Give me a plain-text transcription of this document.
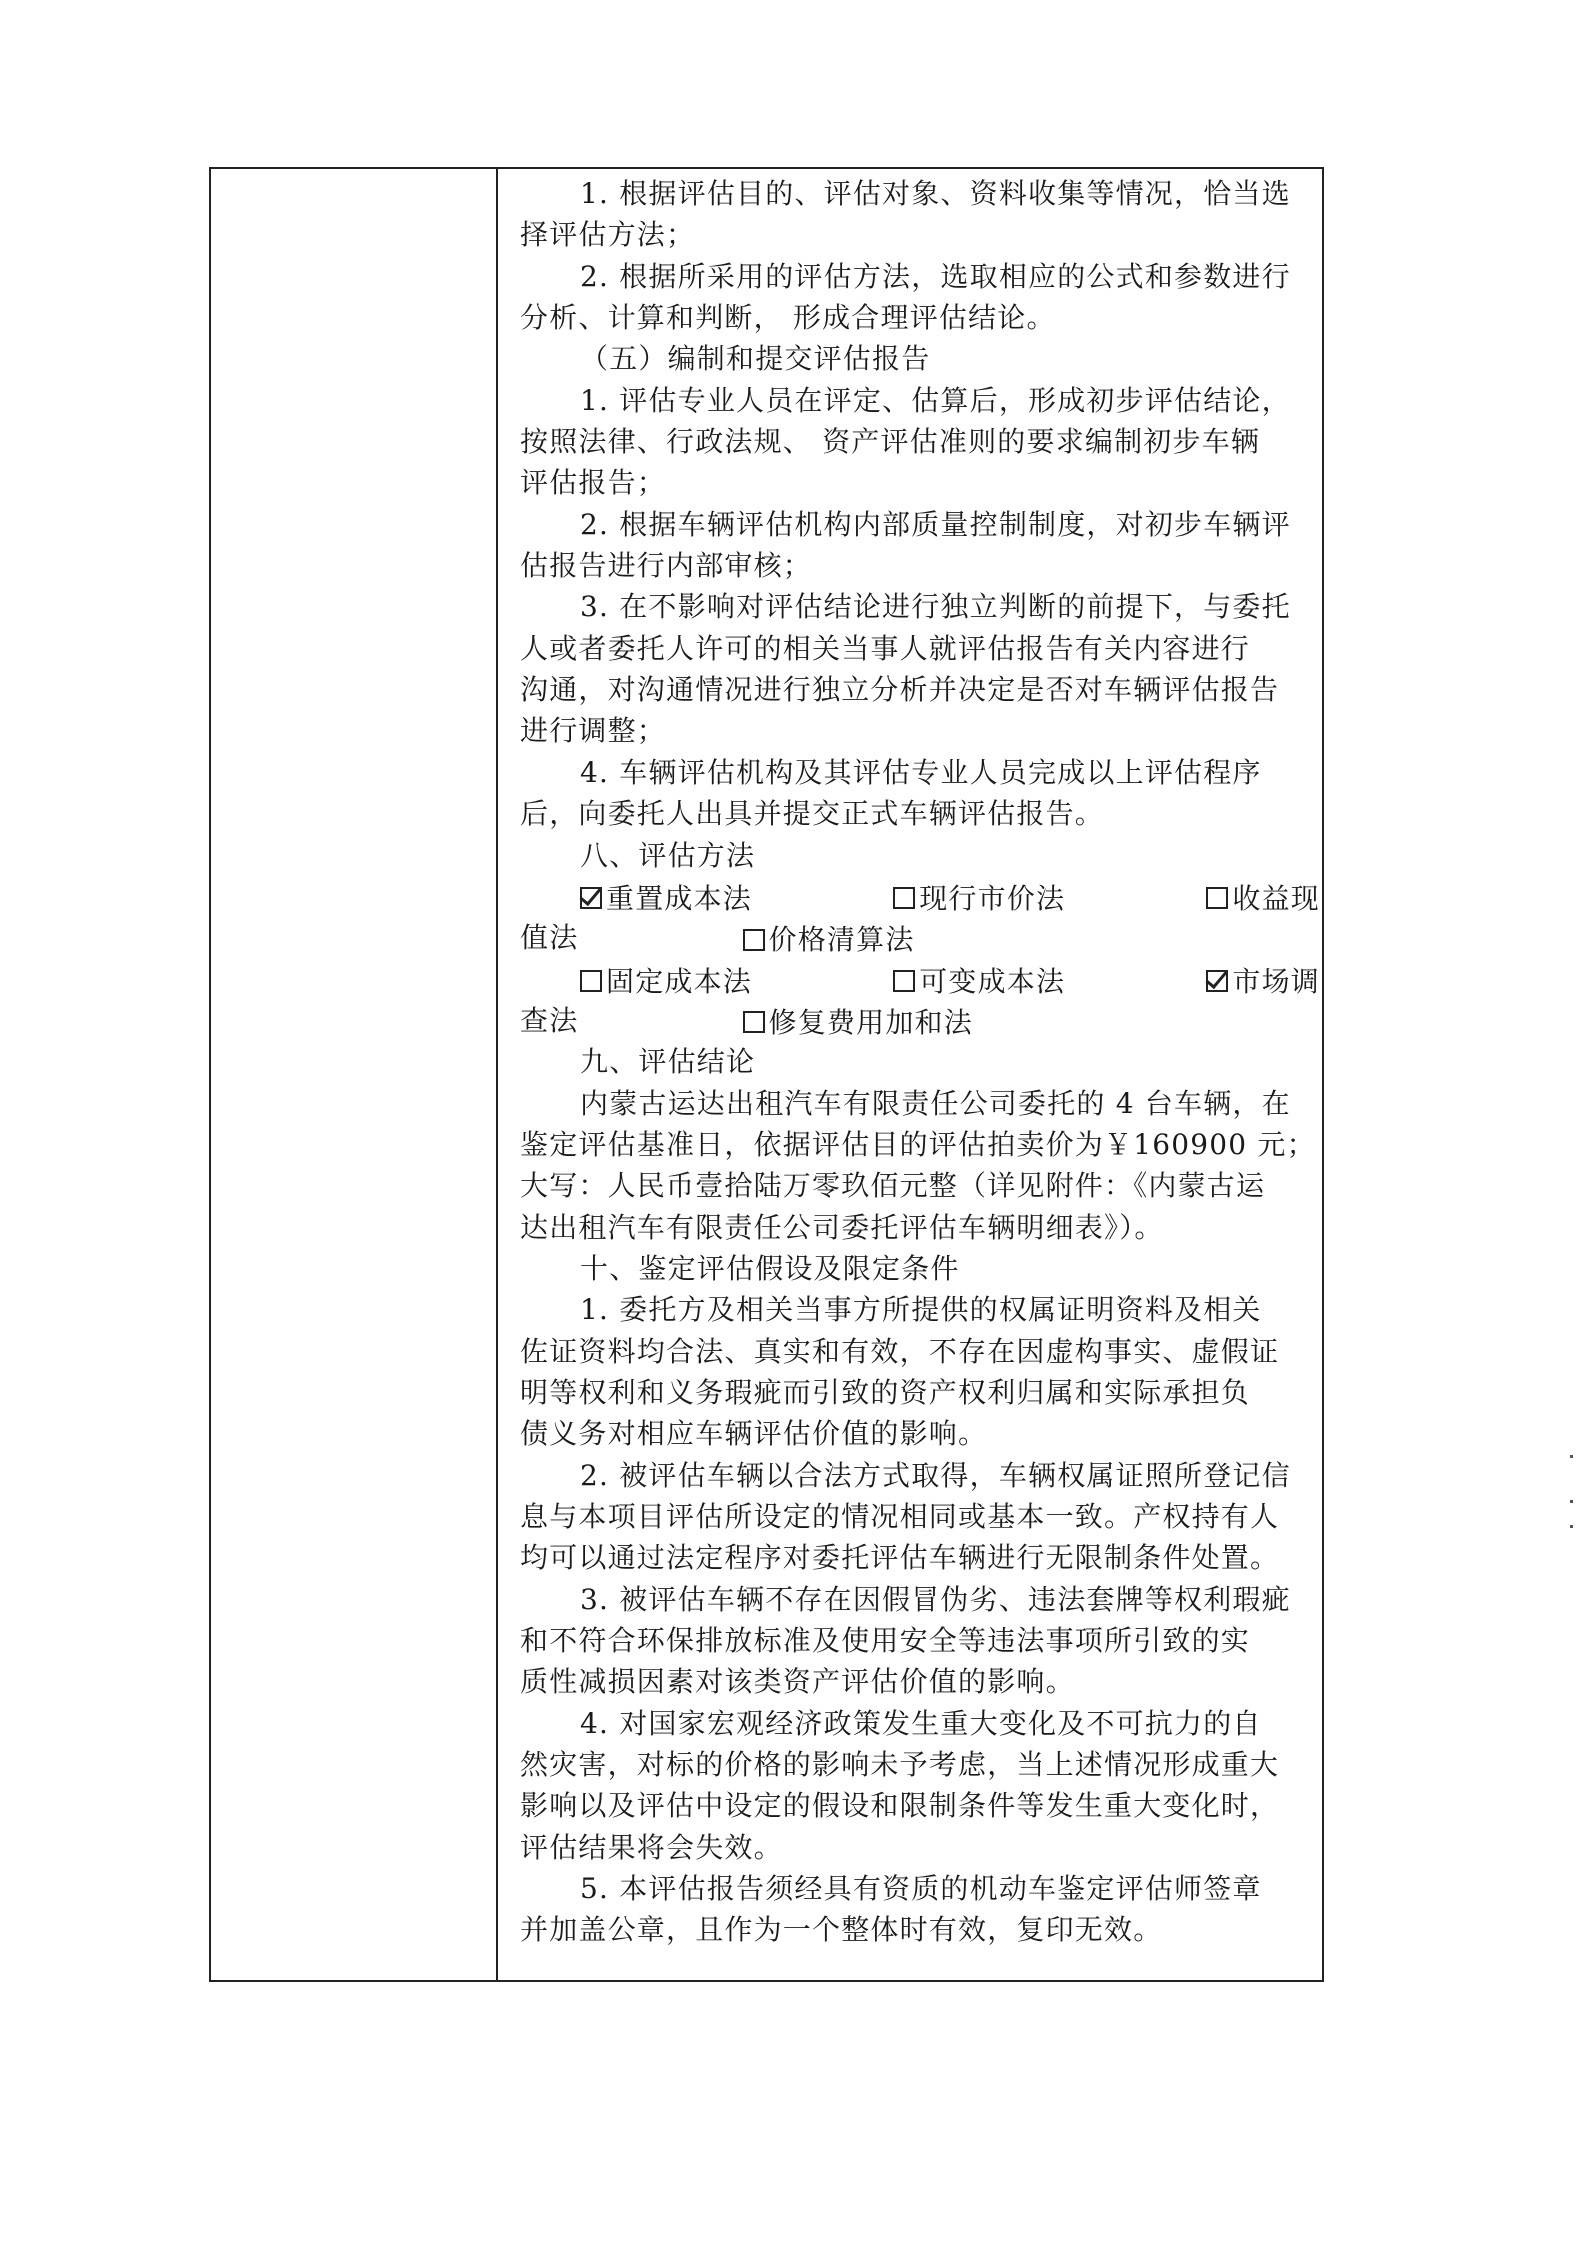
1. 根据评估目的、评估对象、资料收集等情况，恰当选
择评估方法；
2. 根据所采用的评估方法，选取相应的公式和参数进行
分析、计算和判断， 形成合理评估结论。
（五）编制和提交评估报告
1. 评估专业人员在评定、估算后，形成初步评估结论，
按照法律、行政法规、 资产评估准则的要求编制初步车辆
评估报告；
2. 根据车辆评估机构内部质量控制制度，对初步车辆评
估报告进行内部审核；
3. 在不影响对评估结论进行独立判断的前提下，与委托
人或者委托人许可的相关当事人就评估报告有关内容进行
沟通，对沟通情况进行独立分析并决定是否对车辆评估报告
进行调整；
4. 车辆评估机构及其评估专业人员完成以上评估程序
后，向委托人出具并提交正式车辆评估报告。
八、评估方法
重置成本法	现行市价法	收益现
值法	价格清算法
固定成本法	可变成本法	市场调
查法	修复费用加和法
九、评估结论
内蒙古运达出租汽车有限责任公司委托的 4 台车辆，在
鉴定评估基准日，依据评估目的评估拍卖价为￥160900 元；
大写：人民币壹拾陆万零玖佰元整（详见附件：《内蒙古运
达出租汽车有限责任公司委托评估车辆明细表》）。
十、鉴定评估假设及限定条件
1. 委托方及相关当事方所提供的权属证明资料及相关
佐证资料均合法、真实和有效，不存在因虚构事实、虚假证
明等权利和义务瑕疵而引致的资产权利归属和实际承担负
债义务对相应车辆评估价值的影响。
2. 被评估车辆以合法方式取得，车辆权属证照所登记信
息与本项目评估所设定的情况相同或基本一致。产权持有人
均可以通过法定程序对委托评估车辆进行无限制条件处置。
3. 被评估车辆不存在因假冒伪劣、违法套牌等权利瑕疵
和不符合环保排放标准及使用安全等违法事项所引致的实
质性减损因素对该类资产评估价值的影响。
4. 对国家宏观经济政策发生重大变化及不可抗力的自
然灾害，对标的价格的影响未予考虑，当上述情况形成重大
影响以及评估中设定的假设和限制条件等发生重大变化时，
评估结果将会失效。
5. 本评估报告须经具有资质的机动车鉴定评估师签章
并加盖公章，且作为一个整体时有效，复印无效。
